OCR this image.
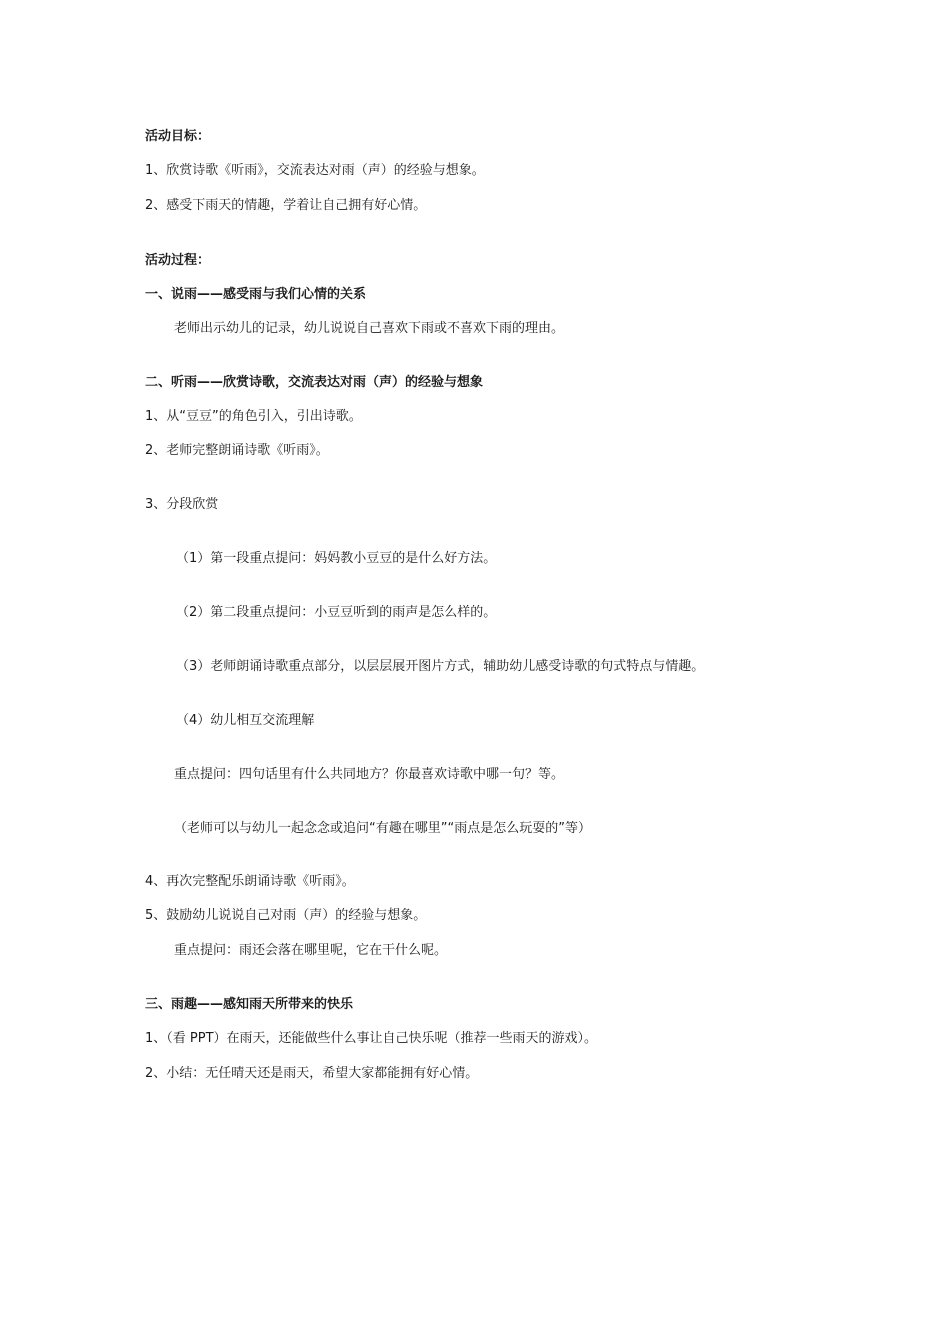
活动目标：
1、欣赏诗歌《听雨》，交流表达对雨（声）的经验与想象。
2、感受下雨天的情趣，学着让自己拥有好心情。
活动过程：
一、说雨——感受雨与我们心情的关系
老师出示幼儿的记录，幼儿说说自己喜欢下雨或不喜欢下雨的理由。
二、听雨——欣赏诗歌，交流表达对雨（声）的经验与想象
1、从“豆豆”的角色引入，引出诗歌。
2、老师完整朗诵诗歌《听雨》。
3、分段欣赏
（1）第一段重点提问：妈妈教小豆豆的是什么好方法。
（2）第二段重点提问：小豆豆听到的雨声是怎么样的。
（3）老师朗诵诗歌重点部分，以层层展开图片方式，辅助幼儿感受诗歌的句式特点与情趣。
（4）幼儿相互交流理解
重点提问：四句话里有什么共同地方？你最喜欢诗歌中哪一句？等。
（老师可以与幼儿一起念念或追问“有趣在哪里”“雨点是怎么玩耍的”等）
4、再次完整配乐朗诵诗歌《听雨》。
5、鼓励幼儿说说自己对雨（声）的经验与想象。
重点提问：雨还会落在哪里呢，它在干什么呢。
三、雨趣——感知雨天所带来的快乐
1、（看 PPT）在雨天，还能做些什么事让自己快乐呢（推荐一些雨天的游戏）。
2、小结：无任晴天还是雨天，希望大家都能拥有好心情。
